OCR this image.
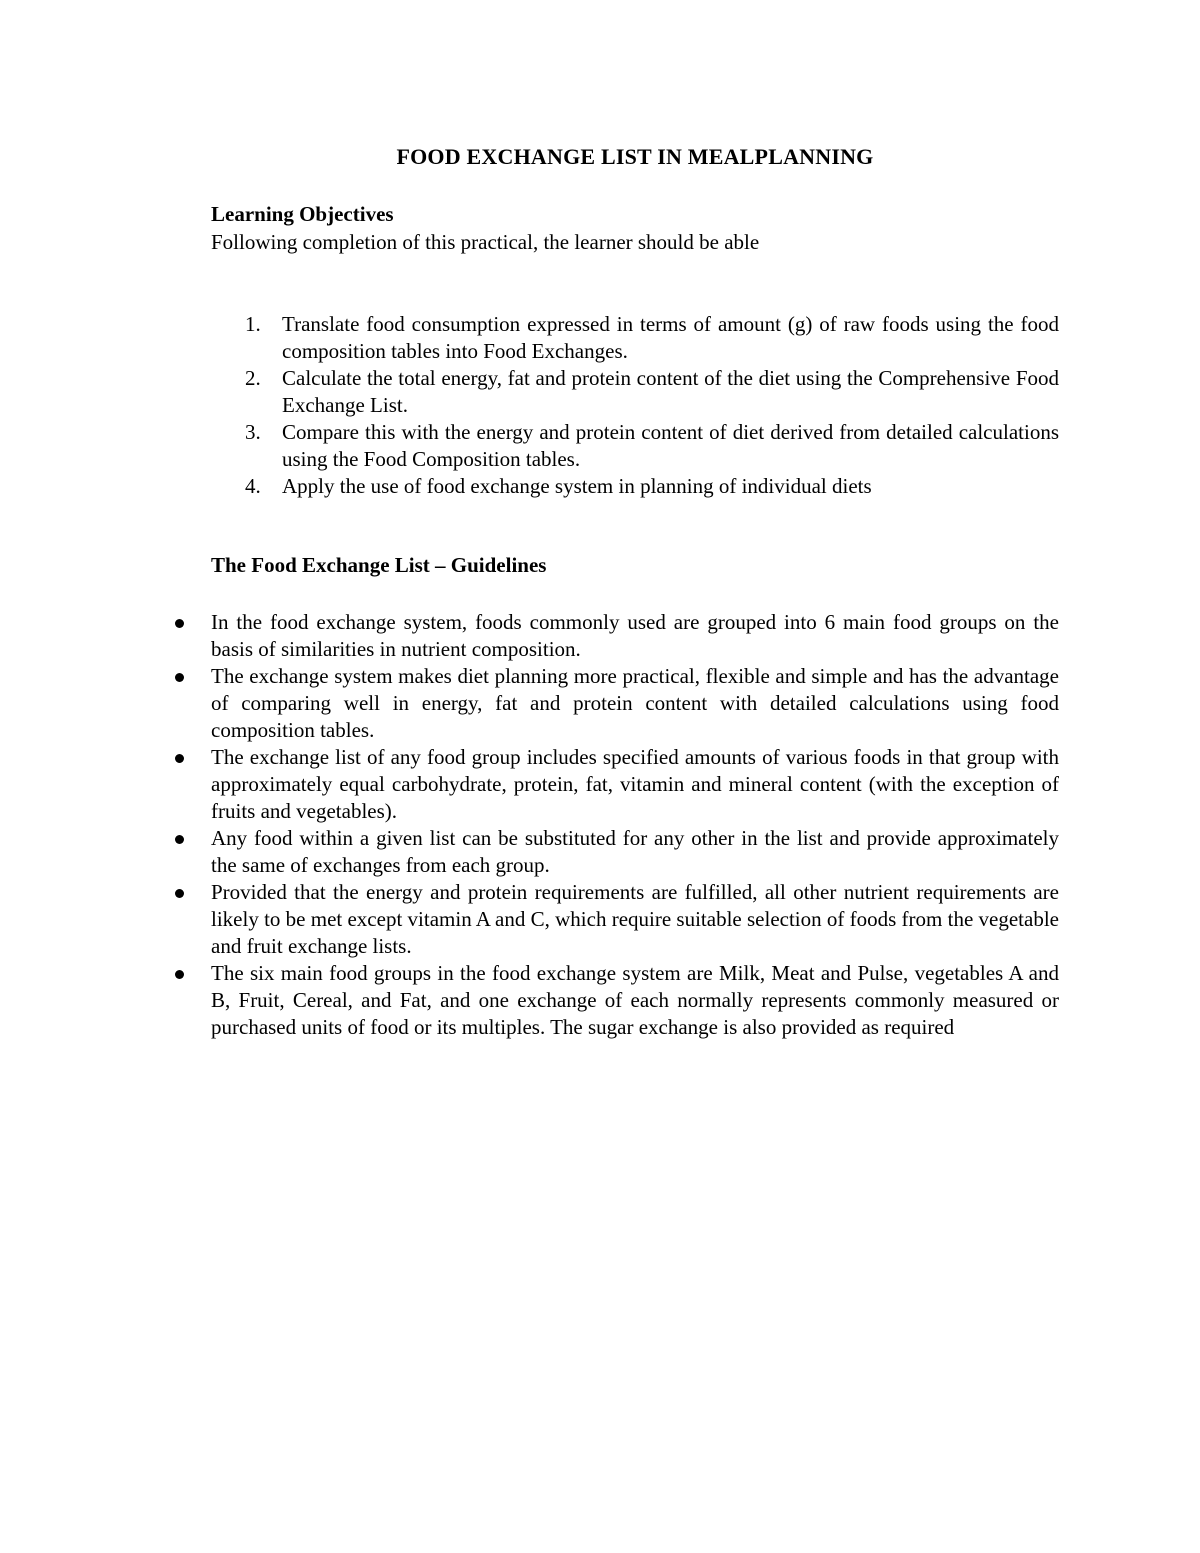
FOOD EXCHANGE LIST IN MEALPLANNING
Learning Objectives
Following completion of this practical, the learner should be able
1. Translate food consumption expressed in terms of amount (g) of raw foods using the food composition tables into Food Exchanges.
2. Calculate the total energy, fat and protein content of the diet using the Comprehensive Food Exchange List.
3. Compare this with the energy and protein content of diet derived from detailed calculations using the Food Composition tables.
4. Apply the use of food exchange system in planning of individual diets
The Food Exchange List – Guidelines
In the food exchange system, foods commonly used are grouped into 6 main food groups on the basis of similarities in nutrient composition.
The exchange system makes diet planning more practical, flexible and simple and has the advantage of comparing well in energy, fat and protein content with detailed calculations using food composition tables.
The exchange list of any food group includes specified amounts of various foods in that group with approximately equal carbohydrate, protein, fat, vitamin and mineral content (with the exception of fruits and vegetables).
Any food within a given list can be substituted for any other in the list and provide approximately the same of exchanges from each group.
Provided that the energy and protein requirements are fulfilled, all other nutrient requirements are likely to be met except vitamin A and C, which require suitable selection of foods from the vegetable and fruit exchange lists.
The six main food groups in the food exchange system are Milk, Meat and Pulse, vegetables A and B, Fruit, Cereal, and Fat, and one exchange of each normally represents commonly measured or purchased units of food or its multiples. The sugar exchange is also provided as required
